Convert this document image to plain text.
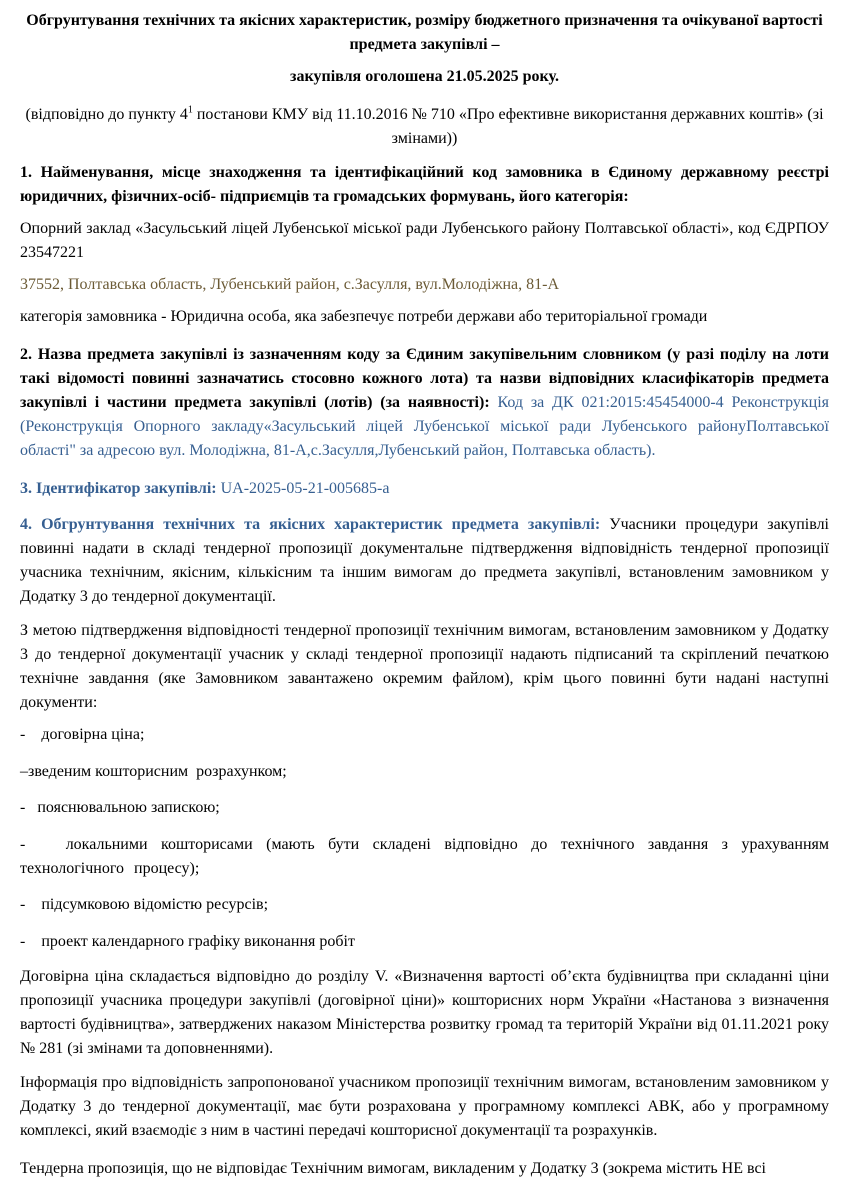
Обгрунтування технічних та якісних характеристик, розміру бюджетного призначення та очікуваної вартості предмета закупівлі –

закупівля оголошена 21.05.2025 року.

(відповідно до пункту $4^1$ постанови КМУ від 11.10.2016 № 710 «Про ефективне використання державних коштів» (зі змінами))

1. Найменування, місце знаходження та ідентифікаційний код замовника в Єдиному державному реєстрі юридичних, фізичних-осіб- підприємців та громадських формувань, його категорія:

Опорний заклад «Засульський ліцей Лубенської міської ради Лубенського району Полтавської області», код ЄДРПОУ 23547221

37552, Полтавська область, Лубенський район, с.Засулля, вул.Молодіжна, 81-А

категорія замовника - Юридична особа, яка забезпечує потреби держави або територіальної громади

2. Назва предмета закупівлі із зазначенням коду за Єдиним закупівельним словником (у разі поділу на лоти такі відомості повинні зазначатись стосовно кожного лота) та назви відповідних класифікаторів предмета закупівлі і частини предмета закупівлі (лотів) (за наявності): Код за ДК 021:2015:45454000-4 Реконструкція (Реконструкція Опорного закладу«Засульський ліцей Лубенської міської ради Лубенського районуПолтавської області" за адресою вул. Молодіжна, 81-А,с.Засулля,Лубенський район, Полтавська область).

3. Ідентифікатор закупівлі: UA-2025-05-21-005685-a

4. Обгрунтування технічних та якісних характеристик предмета закупівлі: Учасники процедури закупівлі повинні надати в складі тендерної пропозиції документальне підтвердження відповідність тендерної пропозиції учасника технічним, якісним, кількісним та іншим вимогам до предмета закупівлі, встановленим замовником у Додатку 3 до тендерної документації.

З метою підтвердження відповідності тендерної пропозиції технічним вимогам, встановленим замовником у Додатку 3 до тендерної документації учасник у складі тендерної пропозиції надають підписаний та скріплений печаткою технічне завдання (яке Замовником завантажено окремим файлом), крім цього повинні бути надані наступні документи:

-    договірна ціна;

–зведеним кошторисним  розрахунком;

-   пояснювальною запискою;

-   локальними кошторисами (мають бути складені відповідно до технічного завдання з урахуванням технологічного процесу);

-    підсумковою відомістю ресурсів;

-    проект календарного графіку виконання робіт

Договірна ціна складається відповідно до розділу V. «Визначення вартості об’єкта будівництва при складанні ціни пропозиції учасника процедури закупівлі (договірної ціни)» кошторисних норм України «Настанова з визначення вартості будівництва», затверджених наказом Міністерства розвитку громад та територій України від 01.11.2021 року № 281 (зі змінами та доповненнями).

Інформація про відповідність запропонованої учасником пропозиції технічним вимогам, встановленим замовником у Додатку 3 до тендерної документації, має бути розрахована у програмному комплексі АВК, або у програмному комплексі, який взаємодіє з ним в частині передачі кошторисної документації та розрахунків.

Тендерна пропозиція, що не відповідає Технічним вимогам, викладеним у Додатку 3 (зокрема містить НЕ всі
